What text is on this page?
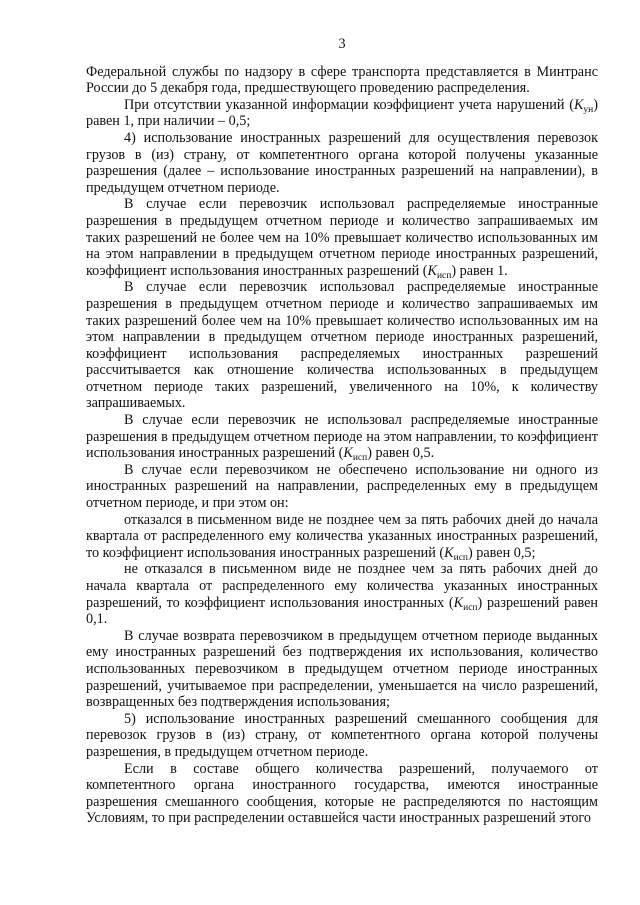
3

Федеральной службы по надзору в сфере транспорта представляется в Минтранс России до 5 декабря года, предшествующего проведению распределения.

При отсутствии указанной информации коэффициент учета нарушений $(K_{ун})$ равен 1, при наличии – 0,5;

4) использование иностранных разрешений для осуществления перевозок грузов в (из) страну, от компетентного органа которой получены указанные разрешения (далее – использование иностранных разрешений на направлении), в предыдущем отчетном периоде.

В случае если перевозчик использовал распределяемые иностранные разрешения в предыдущем отчетном периоде и количество запрашиваемых им таких разрешений не более чем на 10% превышает количество использованных им на этом направлении в предыдущем отчетном периоде иностранных разрешений, коэффициент использования иностранных разрешений $(K_{исп})$ равен 1.

В случае если перевозчик использовал распределяемые иностранные разрешения в предыдущем отчетном периоде и количество запрашиваемых им таких разрешений более чем на 10% превышает количество использованных им на этом направлении в предыдущем отчетном периоде иностранных разрешений, коэффициент использования распределяемых иностранных разрешений рассчитывается как отношение количества использованных в предыдущем отчетном периоде таких разрешений, увеличенного на 10%, к количеству запрашиваемых.

В случае если перевозчик не использовал распределяемые иностранные разрешения в предыдущем отчетном периоде на этом направлении, то коэффициент использования иностранных разрешений $(K_{исп})$ равен 0,5.

В случае если перевозчиком не обеспечено использование ни одного из иностранных разрешений на направлении, распределенных ему в предыдущем отчетном периоде, и при этом он:

отказался в письменном виде не позднее чем за пять рабочих дней до начала квартала от распределенного ему количества указанных иностранных разрешений, то коэффициент использования иностранных разрешений $(K_{исп})$ равен 0,5;

не отказался в письменном виде не позднее чем за пять рабочих дней до начала квартала от распределенного ему количества указанных иностранных разрешений, то коэффициент использования иностранных $(K_{исп})$ разрешений равен 0,1.

В случае возврата перевозчиком в предыдущем отчетном периоде выданных ему иностранных разрешений без подтверждения их использования, количество использованных перевозчиком в предыдущем отчетном периоде иностранных разрешений, учитываемое при распределении, уменьшается на число разрешений, возвращенных без подтверждения использования;

5) использование иностранных разрешений смешанного сообщения для перевозок грузов в (из) страну, от компетентного органа которой получены разрешения, в предыдущем отчетном периоде.

Если в составе общего количества разрешений, получаемого от компетентного органа иностранного государства, имеются иностранные разрешения смешанного сообщения, которые не распределяются по настоящим Условиям, то при распределении оставшейся части иностранных разрешений этого
